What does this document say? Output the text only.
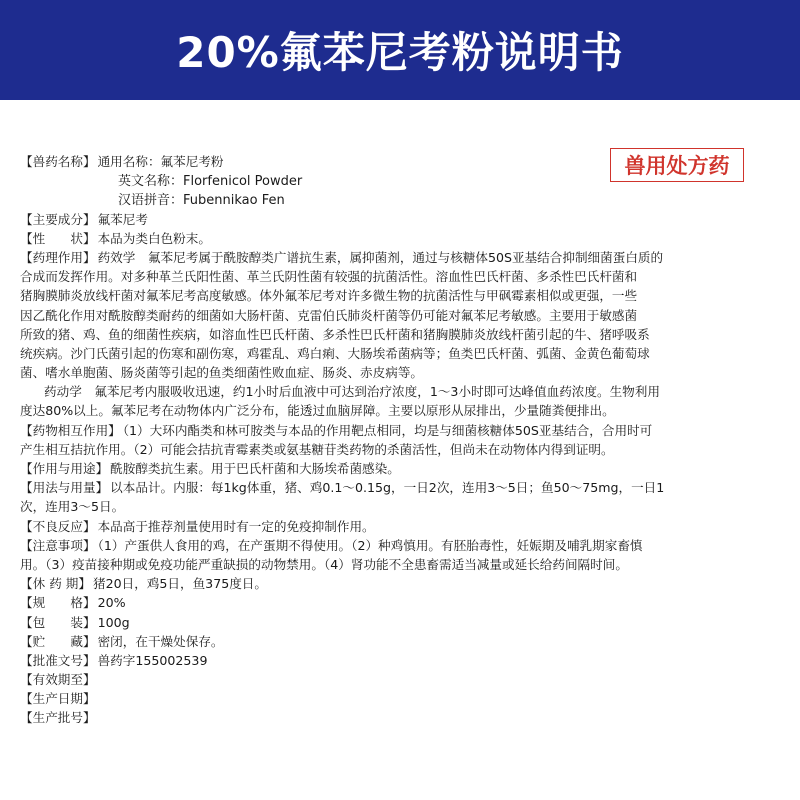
20%氟苯尼考粉说明书
兽用处方药
【兽药名称】 通用名称：氟苯尼考粉
英文名称：Florfenicol Powder
汉语拼音：Fubennikao Fen
【主要成分】 氟苯尼考
【性　　状】 本品为类白色粉末。
【药理作用】 药效学　氟苯尼考属于酰胺醇类广谱抗生素，属抑菌剂，通过与核糖体50S亚基结合抑制细菌蛋白质的
合成而发挥作用。对多种革兰氏阳性菌、革兰氏阴性菌有较强的抗菌活性。溶血性巴氏杆菌、多杀性巴氏杆菌和
猪胸膜肺炎放线杆菌对氟苯尼考高度敏感。体外氟苯尼考对许多微生物的抗菌活性与甲砜霉素相似或更强，一些
因乙酰化作用对酰胺醇类耐药的细菌如大肠杆菌、克雷伯氏肺炎杆菌等仍可能对氟苯尼考敏感。主要用于敏感菌
所致的猪、鸡、鱼的细菌性疾病，如溶血性巴氏杆菌、多杀性巴氏杆菌和猪胸膜肺炎放线杆菌引起的牛、猪呼吸系
统疾病。沙门氏菌引起的伤寒和副伤寒，鸡霍乱、鸡白痢、大肠埃希菌病等；鱼类巴氏杆菌、弧菌、金黄色葡萄球
菌、嗜水单胞菌、肠炎菌等引起的鱼类细菌性败血症、肠炎、赤皮病等。
药动学　氟苯尼考内服吸收迅速，约1小时后血液中可达到治疗浓度，1～3小时即可达峰值血药浓度。生物利用
度达80%以上。氟苯尼考在动物体内广泛分布，能透过血脑屏障。主要以原形从尿排出，少量随粪便排出。
【药物相互作用】 （1）大环内酯类和林可胺类与本品的作用靶点相同，均是与细菌核糖体50S亚基结合，合用时可
产生相互拮抗作用。（2）可能会拮抗青霉素类或氨基糖苷类药物的杀菌活性，但尚未在动物体内得到证明。
【作用与用途】 酰胺醇类抗生素。用于巴氏杆菌和大肠埃希菌感染。
【用法与用量】 以本品计。内服：每1kg体重，猪、鸡0.1～0.15g，一日2次，连用3～5日；鱼50～75mg，一日1
次，连用3～5日。
【不良反应】 本品高于推荐剂量使用时有一定的免疫抑制作用。
【注意事项】 （1）产蛋供人食用的鸡，在产蛋期不得使用。（2）种鸡慎用。有胚胎毒性，妊娠期及哺乳期家畜慎
用。（3）疫苗接种期或免疫功能严重缺损的动物禁用。（4）肾功能不全患畜需适当减量或延长给药间隔时间。
【休 药 期】 猪20日，鸡5日，鱼375度日。
【规　　格】 20%
【包　　装】 100g
【贮　　藏】 密闭，在干燥处保存。
【批准文号】 兽药字155002539
【有效期至】
【生产日期】
【生产批号】
